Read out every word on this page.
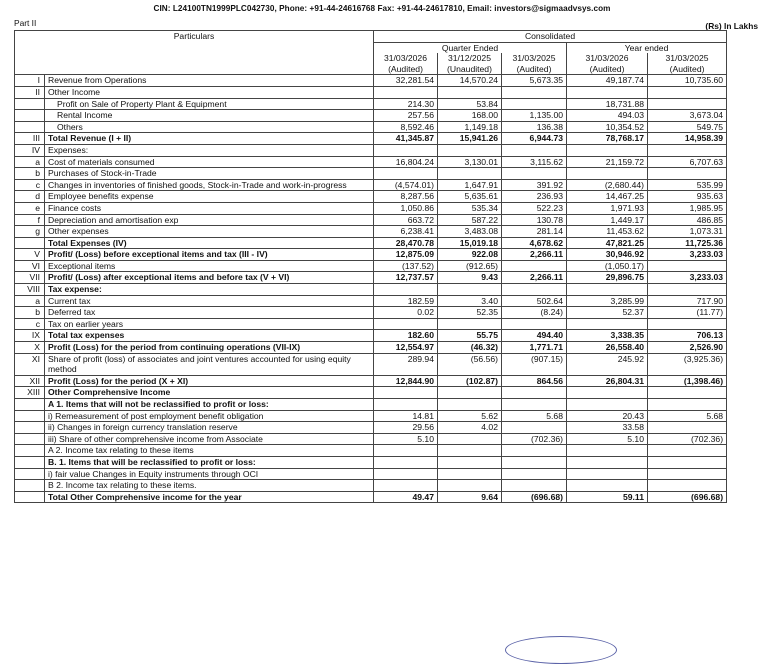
CIN: L24100TN1999PLC042730, Phone: +91-44-24616768 Fax: +91-44-24617810, Email: investors@sigmaadvsys.com
Part II	(Rs) In Lakhs
Particulars		Consolidated				
		Quarter Ended			Year ended	
		31/03/2026	31/12/2025	31/03/2025	31/03/2026	31/03/2025
		(Audited)	(Unaudited)	(Audited)	(Audited)	(Audited)
I	Revenue from Operations	32,281.54	14,570.24	5,673.35	49,187.74	10,735.60
II	Other Income					
	Profit on Sale of Property Plant & Equipment	214.30	53.84		18,731.88	
	Rental Income	257.56	168.00	1,135.00	494.03	3,673.04
	Others	8,592.46	1,149.18	136.38	10,354.52	549.75
III	Total Revenue (I + II)	41,345.87	15,941.26	6,944.73	78,768.17	14,958.39
IV	Expenses:					
a	Cost of materials consumed	16,804.24	3,130.01	3,115.62	21,159.72	6,707.63
b	Purchases of Stock-in-Trade					
c	Changes in inventories of finished goods, Stock-in-Trade and work-in-progress	(4,574.01)	1,647.91	391.92	(2,680.44)	535.99
d	Employee benefits expense	8,287.56	5,635.61	236.93	14,467.25	935.63
e	Finance costs	1,050.86	535.34	522.23	1,971.93	1,985.95
f	Depreciation and amortisation exp	663.72	587.22	130.78	1,449.17	486.85
g	Other expenses	6,238.41	3,483.08	281.14	11,453.62	1,073.31
	Total Expenses (IV)	28,470.78	15,019.18	4,678.62	47,821.25	11,725.36
V	Profit/ (Loss) before exceptional items and tax (III - IV)	12,875.09	922.08	2,266.11	30,946.92	3,233.03
VI	Exceptional items	(137.52)	(912.65)		(1,050.17)	
VII	Profit/ (Loss) after exceptional items and before tax (V + VI)	12,737.57	9.43	2,266.11	29,896.75	3,233.03
VIII	Tax expense:					
a	Current tax	182.59	3.40	502.64	3,285.99	717.90
b	Deferred tax	0.02	52.35	(8.24)	52.37	(11.77)
c	Tax on earlier years					
IX	Total tax expenses	182.60	55.75	494.40	3,338.35	706.13
X	Profit (Loss) for the period from continuing operations (VII-IX)	12,554.97	(46.32)	1,771.71	26,558.40	2,526.90
XI	Share of profit (loss) of associates and joint ventures accounted for using equity method	289.94	(56.56)	(907.15)	245.92	(3,925.36)
XII	Profit (Loss) for the period (X + XI)	12,844.90	(102.87)	864.56	26,804.31	(1,398.46)
XIII	Other Comprehensive Income					
	A 1. Items that will not be reclassified to profit or loss:					
	i) Remeasurement of post employment benefit obligation	14.81	5.62	5.68	20.43	5.68
	ii) Changes in foreign currency translation reserve	29.56	4.02		33.58	
	iii) Share of other comprehensive income from Associate	5.10		(702.36)	5.10	(702.36)
	A 2. Income tax relating to these items					
	B. 1. Items that will be reclassified to profit or loss:					
	i) fair value Changes in Equity instruments through OCI					
	B 2. Income tax relating to these items.					
	Total Other Comprehensive income for the year	49.47	9.64	(696.68)	59.11	(696.68)
